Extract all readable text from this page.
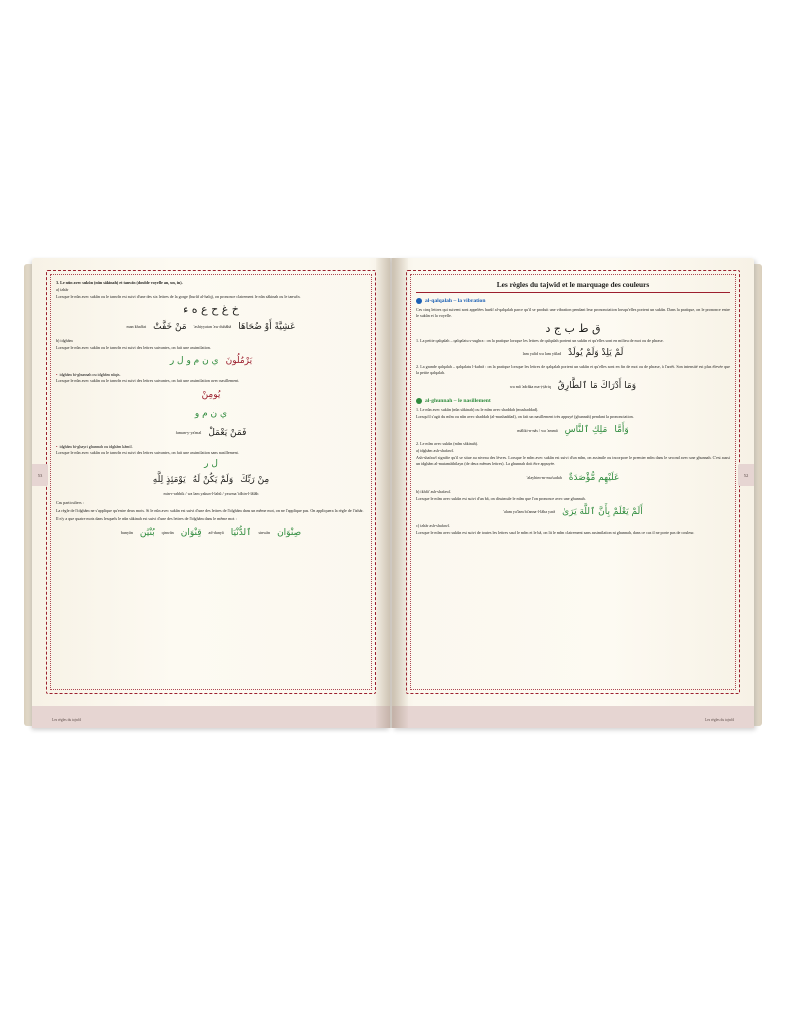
53

3. Le nûn avec sukûn (nûn sâkinah) et tanwîn (double voyelle an, un, in).

a) izhâr

Lorsque le nûn avec sukûn ou le tanwîn est suivi d'une des six lettres de la gorge (hurûf al-halq), on prononce clairement le nûn sâkinah ou le tanwîn.

خ غ ح ع ه ء
man khaffat مَنْ خَفَّتْ 'ashiyyatan 'aw duhâhâ عَشِيَّةً أَوْ ضُحَاهَا

b) idghâm

Lorsque le nûn avec sukûn ou le tanwîn est suivi des lettres suivantes, on fait une assimilation.

ي ن م و ل ر يَرْمُلُونَ

• idghâm bi-ghunnah ou idghâm nâqis.

Lorsque le nûn avec sukûn ou le tanwîn est suivi des lettres suivantes, on fait une assimilation avec nasillement.

يُومِنْ
ي ن م و
faman-y-ya'mal فَمَنْ يَعْمَلْ

• idghâm bi-ghayri ghunnah ou idghâm kâmil.

Lorsque le nûn avec sukûn ou le tanwîn est suivi des lettres suivantes, on fait une assimilation sans nasillement.

ل ر
يَوْمَئِذٍ لِلَّهِ وَلَمْ يَكُنْ لَهُ مِنْ رَبِّكَ
min-r-rabbik / wa lam yakun-l-lahû / yawma 'idhin-l-lâlâh

Cas particuliers :

La règle de l'idghâm ne s'applique qu'entre deux mots. Si le nûn avec sukûn est suivi d'une des lettres de l'idghâm dans un même mot, on ne l'applique pas. On appliquera la règle de l'izhâr.

Il n'y a que quatre mots dans lesquels le nûn sâkinah est suivi d'une des lettres de l'idghâm dans le même mot :

bunyân بُنْيَٰن qinwân قِنْوَان ad-dunyâ ٱلدُّنْيَا sinwân صِنْوَان
Les règles du tajwîd
52
Les règles du tajwîd et le marquage des couleurs
al-qalqalah – la vibration

Ces cinq lettres qui suivent sont appelées hurûf al-qalqalah parce qu'il se produit une vibration pendant leur prononciation lorsqu'elles portent un sukûn. Dans la pratique, on le prononce entre le sukûn et la voyelle.

ق ط ب ج د

1. La petite qalqalah – qalqalatu s-sughra : on la pratique lorsque les lettres de qalqalah portent un sukûn et qu'elles sont en milieu de mot ou de phrase.

lam yalid wa lam yûlad لَمْ يَلِدْ وَلَمْ يُولَدْ

2. La grande qalqalah – qalqalatu l-kubrâ : on la pratique lorsque les lettres de qalqalah portent un sukûn et qu'elles sont en fin de mot ou de phrase, à l'arrêt. Son intensité est plus élevée que la petite qalqalah.

wa mâ 'adrâka ma-ṭ-ṭâriq وَمَا أَدْرَاكَ مَا ٱلطَّارِقُ
al-ghunnah – le nasillement

1. Le nûn avec sukûn (nûn sâkinah) ou le mîm avec shaddah (mushaddad).

Lorsqu'il s'agit du mîm ou nûn avec shaddah (al-mushaddad), on fait un nasillement très appuyé (ghunnah) pendant la prononciation.

mâliki-n-nâs / wa 'ammâ مَلِكِ ٱلنَّاسِ وَأَمَّا

2. Le mîm avec sukûn (mîm sâkinah).

a) idghâm ash-shafawî.

Ash-shafawî signifie qu'il se situe au niveau des lèvres. Lorsque le mîm avec sukûn est suivi d'un mîm, on assimile ou incorpore le premier mîm dans le second avec une ghunnah. C'est aussi un idghâm al-mutamâthilayn (de deux mêmes lettres). La ghunnah doit être appuyée.

'alayhim-m-mu'sadah عَلَيْهِم مُّؤْصَدَةٌ

b) ikhfâ' ash-shafawî.

Lorsque le mîm avec sukûn est suivi d'un bâ, on dissimule le mîm que l'on prononce avec une ghunnah.

'alam ya'lam bi'anna-l-lâha yarâ أَلَمْ يَعْلَمْ بِأَنَّ ٱللَّهَ يَرَىٰ

c) izhâr ash-shafawî.

Lorsque le mîm avec sukûn est suivi de toutes les lettres sauf le mîm et le bâ, on lit le mîm clairement sans assimilation ni ghunnah, dans ce cas il ne porte pas de couleur.

Les règles du tajwîd
